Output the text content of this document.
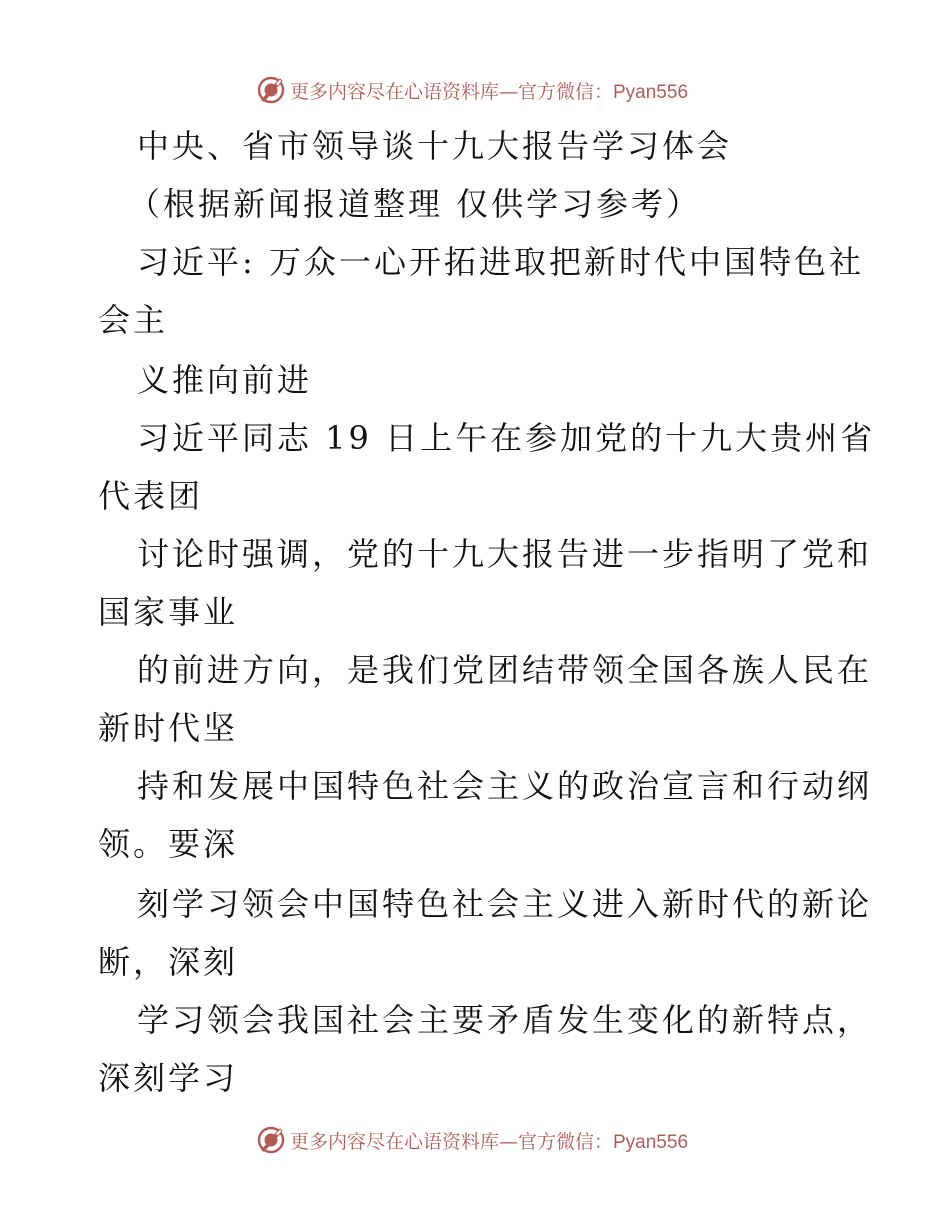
更多内容尽在心语资料库—官方微信：Pyan556
中央、省市领导谈十九大报告学习体会
（根据新闻报道整理 仅供学习参考）
习近平: 万众一心开拓进取把新时代中国特色社
会主
义推向前进
习近平同志 19 日上午在参加党的十九大贵州省
代表团
讨论时强调，党的十九大报告进一步指明了党和
国家事业
的前进方向，是我们党团结带领全国各族人民在
新时代坚
持和发展中国特色社会主义的政治宣言和行动纲
领。要深
刻学习领会中国特色社会主义进入新时代的新论
断，深刻
学习领会我国社会主要矛盾发生变化的新特点，
深刻学习
更多内容尽在心语资料库—官方微信：Pyan556
